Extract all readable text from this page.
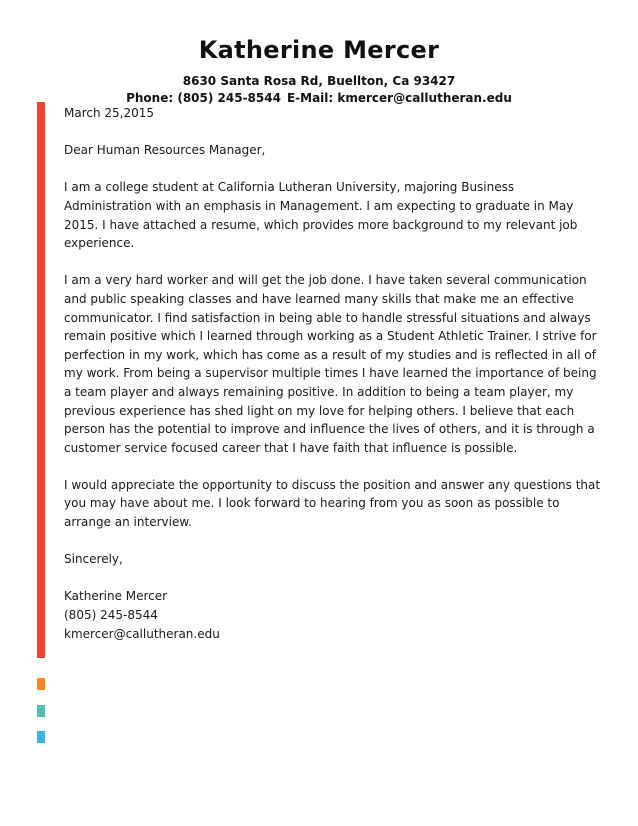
Katherine Mercer
8630 Santa Rosa Rd, Buellton, Ca 93427
Phone: (805) 245-8544 E-Mail: kmercer@callutheran.edu

March 25,2015

Dear Human Resources Manager,

I am a college student at California Lutheran University, majoring Business Administration with an emphasis in Management. I am expecting to graduate in May 2015. I have attached a resume, which provides more background to my relevant job experience.

I am a very hard worker and will get the job done. I have taken several communication and public speaking classes and have learned many skills that make me an effective communicator. I find satisfaction in being able to handle stressful situations and always remain positive which I learned through working as a Student Athletic Trainer. I strive for perfection in my work, which has come as a result of my studies and is reflected in all of my work. From being a supervisor multiple times I have learned the importance of being a team player and always remaining positive. In addition to being a team player, my previous experience has shed light on my love for helping others. I believe that each person has the potential to improve and influence the lives of others, and it is through a customer service focused career that I have faith that influence is possible.

I would appreciate the opportunity to discuss the position and answer any questions that you may have about me. I look forward to hearing from you as soon as possible to arrange an interview.

Sincerely,

Katherine Mercer
(805) 245-8544
kmercer@callutheran.edu
